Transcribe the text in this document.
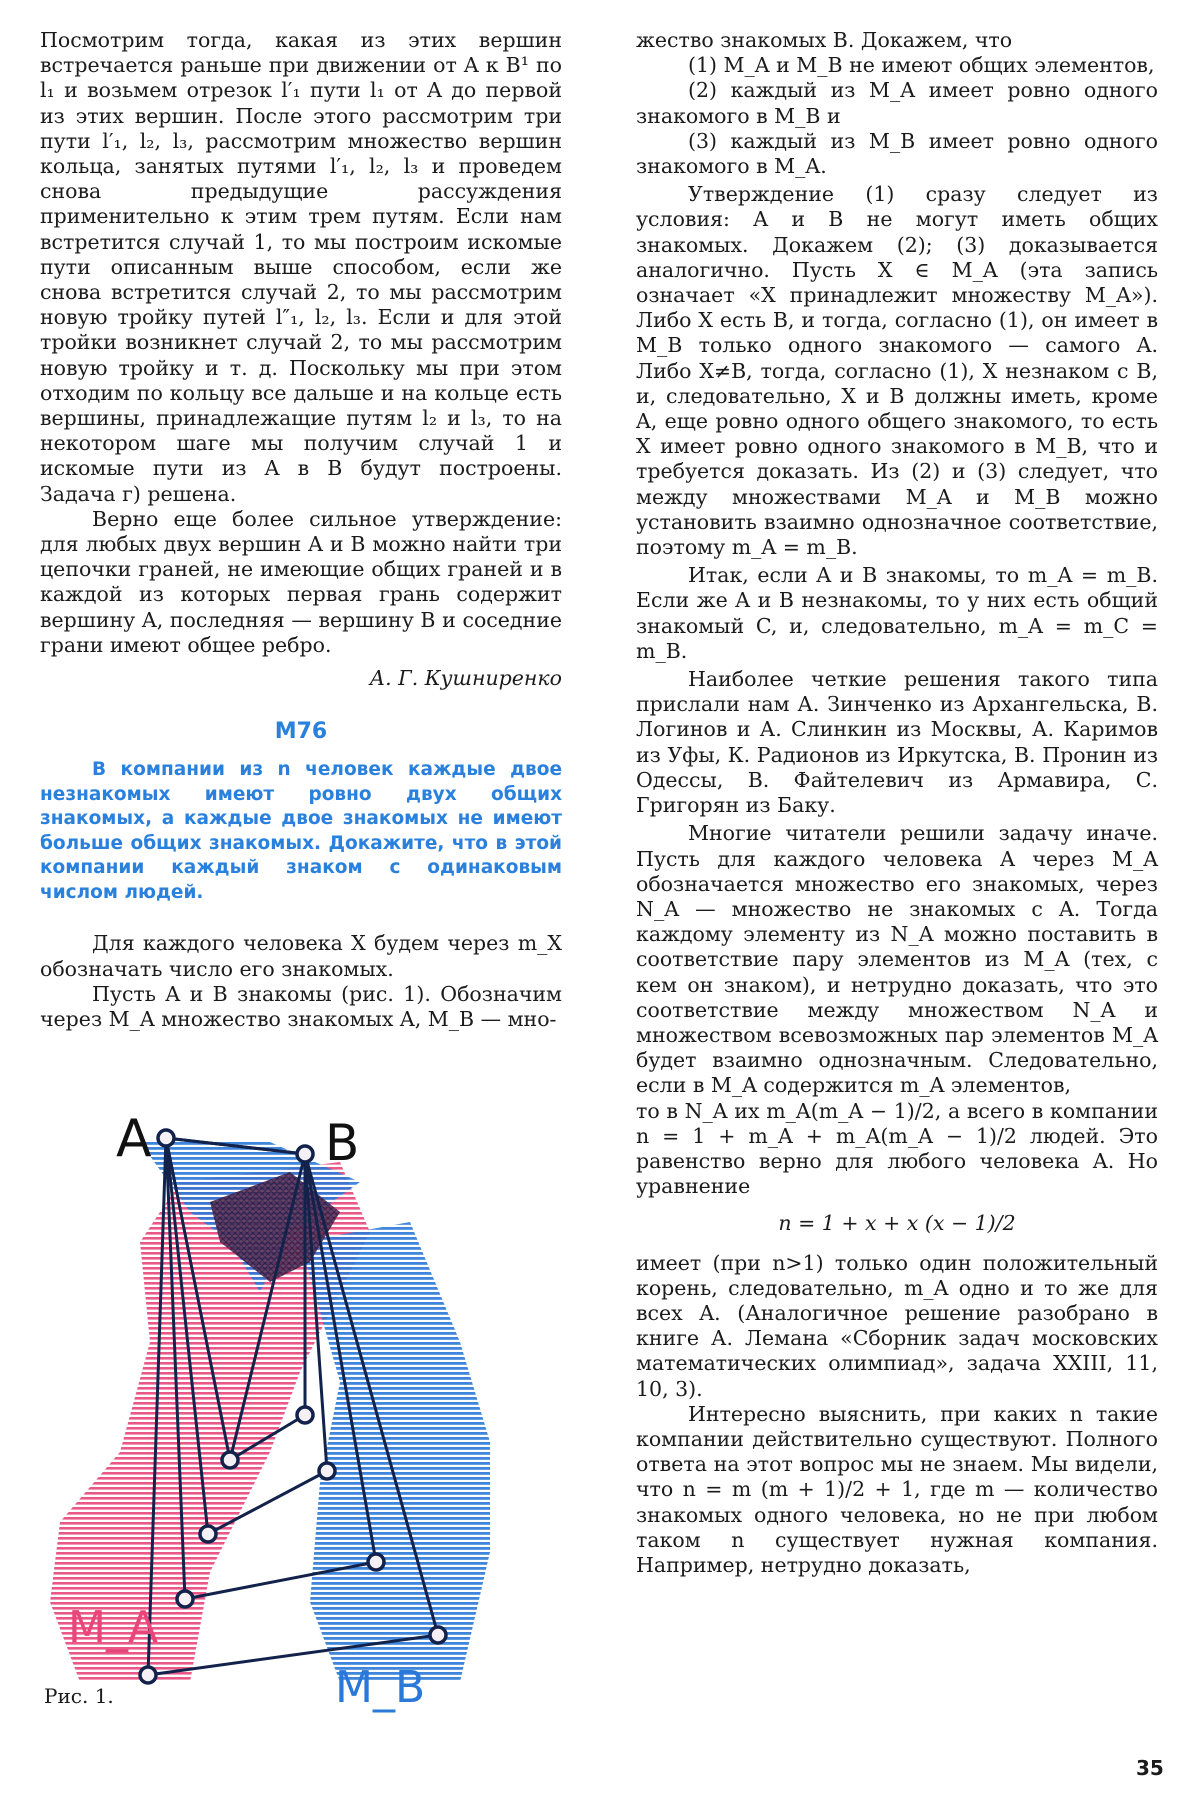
Посмотрим тогда, какая из этих вершин встречается раньше при движении от A к B¹ по l₁ и возьмем отрезок l′₁ пути l₁ от A до первой из этих вершин. После этого рассмотрим три пути l′₁, l₂, l₃, рассмотрим множество вершин кольца, занятых путями l′₁, l₂, l₃ и проведем снова предыдущие рассуждения применительно к этим трем путям. Если нам встретится случай 1, то мы построим искомые пути описанным выше способом, если же снова встретится случай 2, то мы рассмотрим новую тройку путей l″₁, l₂, l₃. Если и для этой тройки возникнет случай 2, то мы рассмотрим новую тройку и т. д. Поскольку мы при этом отходим по кольцу все дальше и на кольце есть вершины, принадлежащие путям l₂ и l₃, то на некотором шаге мы получим случай 1 и искомые пути из A в B будут построены. Задача г) решена.

Верно еще более сильное утверждение: для любых двух вершин A и B можно найти три цепочки граней, не имеющие общих граней и в каждой из которых первая грань содержит вершину A, последняя — вершину B и соседние грани имеют общее ребро.

А. Г. Кушниренко

М76

В компании из n человек каждые двое незнакомых имеют ровно двух общих знакомых, а каждые двое знакомых не имеют больше общих знакомых. Докажите, что в этой компании каждый знаком с одинаковым числом людей.

Для каждого человека X будем через m_X обозначать число его знакомых.

Пусть A и B знакомы (рис. 1). Обозначим через M_A множество знакомых A, M_B — мно-

A	B
M_A
M_B
Рис. 1.

жество знакомых B. Докажем, что

(1) M_A и M_B не имеют общих элементов,

(2) каждый из M_A имеет ровно одного знакомого в M_B и

(3) каждый из M_B имеет ровно одного знакомого в M_A.

Утверждение (1) сразу следует из условия: A и B не могут иметь общих знакомых. Докажем (2); (3) доказывается аналогично. Пусть X ∈ M_A (эта запись означает «X принадлежит множеству M_A»). Либо X есть B, и тогда, согласно (1), он имеет в M_B только одного знакомого — самого A. Либо X≠B, тогда, согласно (1), X незнаком с B, и, следовательно, X и B должны иметь, кроме A, еще ровно одного общего знакомого, то есть X имеет ровно одного знакомого в M_B, что и требуется доказать. Из (2) и (3) следует, что между множествами M_A и M_B можно установить взаимно однозначное соответствие, поэтому m_A = m_B.

Итак, если A и B знакомы, то m_A = m_B. Если же A и B незнакомы, то у них есть общий знакомый C, и, следовательно, m_A = m_C = m_B.

Наиболее четкие решения такого типа прислали нам А. Зинченко из Архангельска, В. Логинов и А. Слинкин из Москвы, А. Каримов из Уфы, К. Радионов из Иркутска, В. Пронин из Одессы, В. Файтелевич из Армавира, С. Григорян из Баку.

Многие читатели решили задачу иначе. Пусть для каждого человека A через M_A обозначается множество его знакомых, через N_A — множество не знакомых с A. Тогда каждому элементу из N_A можно поставить в соответствие пару элементов из M_A (тех, с кем он знаком), и нетрудно доказать, что это соответствие между множеством N_A и множеством всевозможных пар элементов M_A будет взаимно однозначным. Следовательно, если в M_A содержится m_A элементов,

то в N_A их m_A(m_A − 1)/2, а всего в компании n = 1 + m_A + m_A(m_A − 1)/2 людей. Это равенство верно для любого человека A. Но уравнение

n = 1 + x + x (x − 1)/2

имеет (при n>1) только один положительный корень, следовательно, m_A одно и то же для всех A. (Аналогичное решение разобрано в книге А. Лемана «Сборник задач московских математических олимпиад», задача XXIII, 11, 10, 3).

Интересно выяснить, при каких n такие компании действительно существуют. Полного ответа на этот вопрос мы не знаем. Мы видели, что n = m (m + 1)/2 + 1, где m — количество знакомых одного человека, но не при любом таком n существует нужная компания. Например, нетрудно доказать,

35
